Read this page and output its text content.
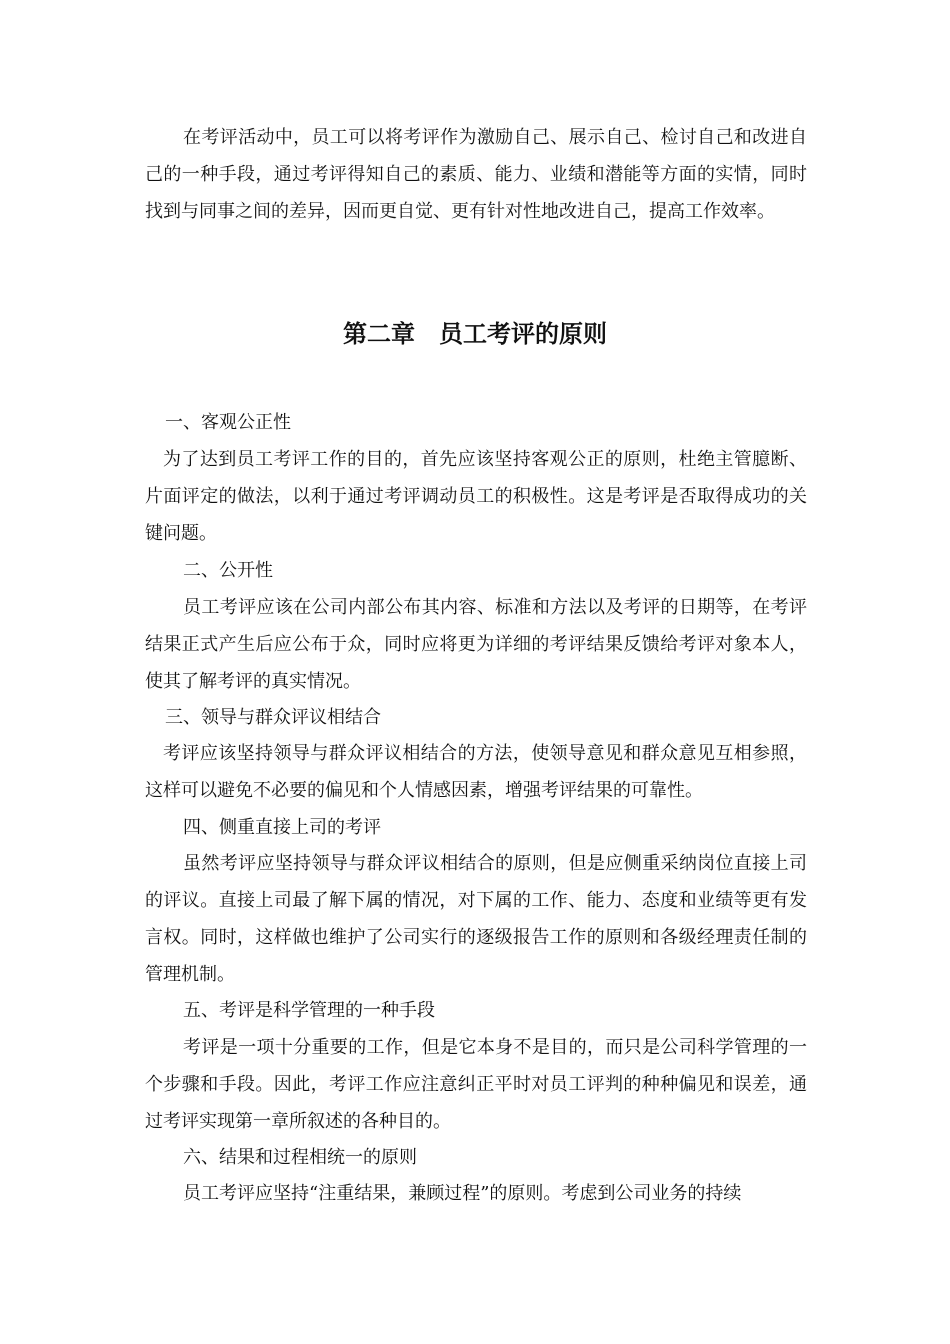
在考评活动中，员工可以将考评作为激励自己、展示自己、检讨自己和改进自己的一种手段，通过考评得知自己的素质、能力、业绩和潜能等方面的实情，同时找到与同事之间的差异，因而更自觉、更有针对性地改进自己，提高工作效率。

第二章　员工考评的原则

一、客观公正性

为了达到员工考评工作的目的，首先应该坚持客观公正的原则，杜绝主管臆断、片面评定的做法，以利于通过考评调动员工的积极性。这是考评是否取得成功的关键问题。

二、公开性

员工考评应该在公司内部公布其内容、标准和方法以及考评的日期等，在考评结果正式产生后应公布于众，同时应将更为详细的考评结果反馈给考评对象本人，使其了解考评的真实情况。

三、领导与群众评议相结合

考评应该坚持领导与群众评议相结合的方法，使领导意见和群众意见互相参照，这样可以避免不必要的偏见和个人情感因素，增强考评结果的可靠性。

四、侧重直接上司的考评

虽然考评应坚持领导与群众评议相结合的原则，但是应侧重采纳岗位直接上司的评议。直接上司最了解下属的情况，对下属的工作、能力、态度和业绩等更有发言权。同时，这样做也维护了公司实行的逐级报告工作的原则和各级经理责任制的管理机制。

五、考评是科学管理的一种手段

考评是一项十分重要的工作，但是它本身不是目的，而只是公司科学管理的一个步骤和手段。因此，考评工作应注意纠正平时对员工评判的种种偏见和误差，通过考评实现第一章所叙述的各种目的。

六、结果和过程相统一的原则

员工考评应坚持“注重结果，兼顾过程”的原则。考虑到公司业务的持续
